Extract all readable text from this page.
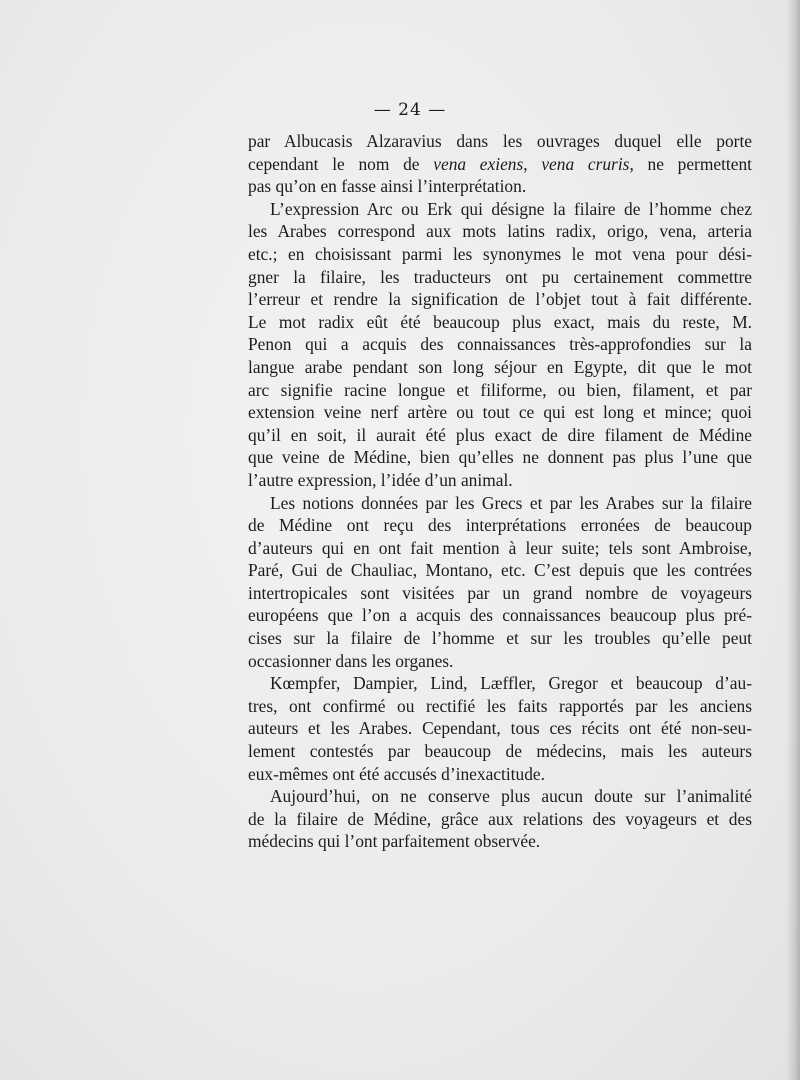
— 24 —
par Albucasis Alzaravius dans les ouvrages duquel elle porte
cependant le nom de vena exiens, vena cruris, ne permettent
pas qu’on en fasse ainsi l’interprétation.
L’expression Arc ou Erk qui désigne la filaire de l’homme chez
les Arabes correspond aux mots latins radix, origo, vena, arteria
etc.; en choisissant parmi les synonymes le mot vena pour dési-
gner la filaire, les traducteurs ont pu certainement commettre
l’erreur et rendre la signification de l’objet tout à fait différente.
Le mot radix eût été beaucoup plus exact, mais du reste, M.
Penon qui a acquis des connaissances très-approfondies sur la
langue arabe pendant son long séjour en Egypte, dit que le mot
arc signifie racine longue et filiforme, ou bien, filament, et par
extension veine nerf artère ou tout ce qui est long et mince; quoi
qu’il en soit, il aurait été plus exact de dire filament de Médine
que veine de Médine, bien qu’elles ne donnent pas plus l’une que
l’autre expression, l’idée d’un animal.
Les notions données par les Grecs et par les Arabes sur la filaire
de Médine ont reçu des interprétations erronées de beaucoup
d’auteurs qui en ont fait mention à leur suite; tels sont Ambroise,
Paré, Gui de Chauliac, Montano, etc. C’est depuis que les contrées
intertropicales sont visitées par un grand nombre de voyageurs
européens que l’on a acquis des connaissances beaucoup plus pré-
cises sur la filaire de l’homme et sur les troubles qu’elle peut
occasionner dans les organes.
Kœmpfer, Dampier, Lind, Læffler, Gregor et beaucoup d’au-
tres, ont confirmé ou rectifié les faits rapportés par les anciens
auteurs et les Arabes. Cependant, tous ces récits ont été non-seu-
lement contestés par beaucoup de médecins, mais les auteurs
eux-mêmes ont été accusés d’inexactitude.
Aujourd’hui, on ne conserve plus aucun doute sur l’animalité
de la filaire de Médine, grâce aux relations des voyageurs et des
médecins qui l’ont parfaitement observée.
